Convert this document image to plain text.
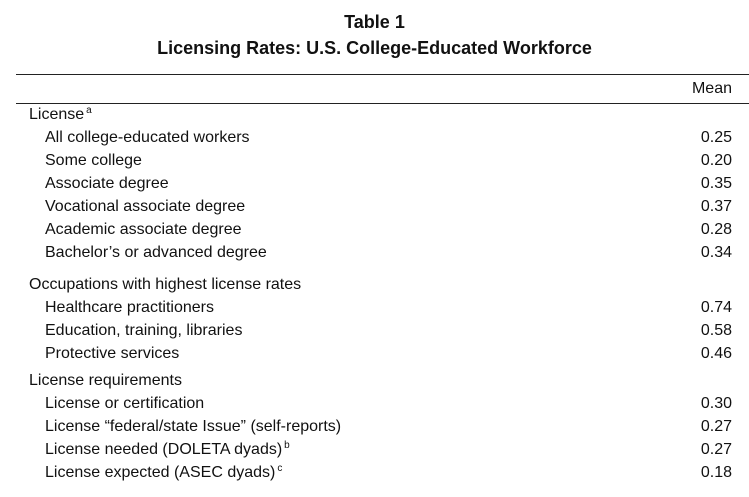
Table 1
Licensing Rates: U.S. College-Educated Workforce
Mean
License $^a$
All college-educated workers	0.25
Some college	0.20
Associate degree	0.35
Vocational associate degree	0.37
Academic associate degree	0.28
Bachelor’s or advanced degree	0.34
Occupations with highest license rates
Healthcare practitioners	0.74
Education, training, libraries	0.58
Protective services	0.46
License requirements
License or certification	0.30
License “federal/state Issue” (self-reports)	0.27
License needed (DOLETA dyads) $^b$	0.27
License expected (ASEC dyads) $^c$	0.18
